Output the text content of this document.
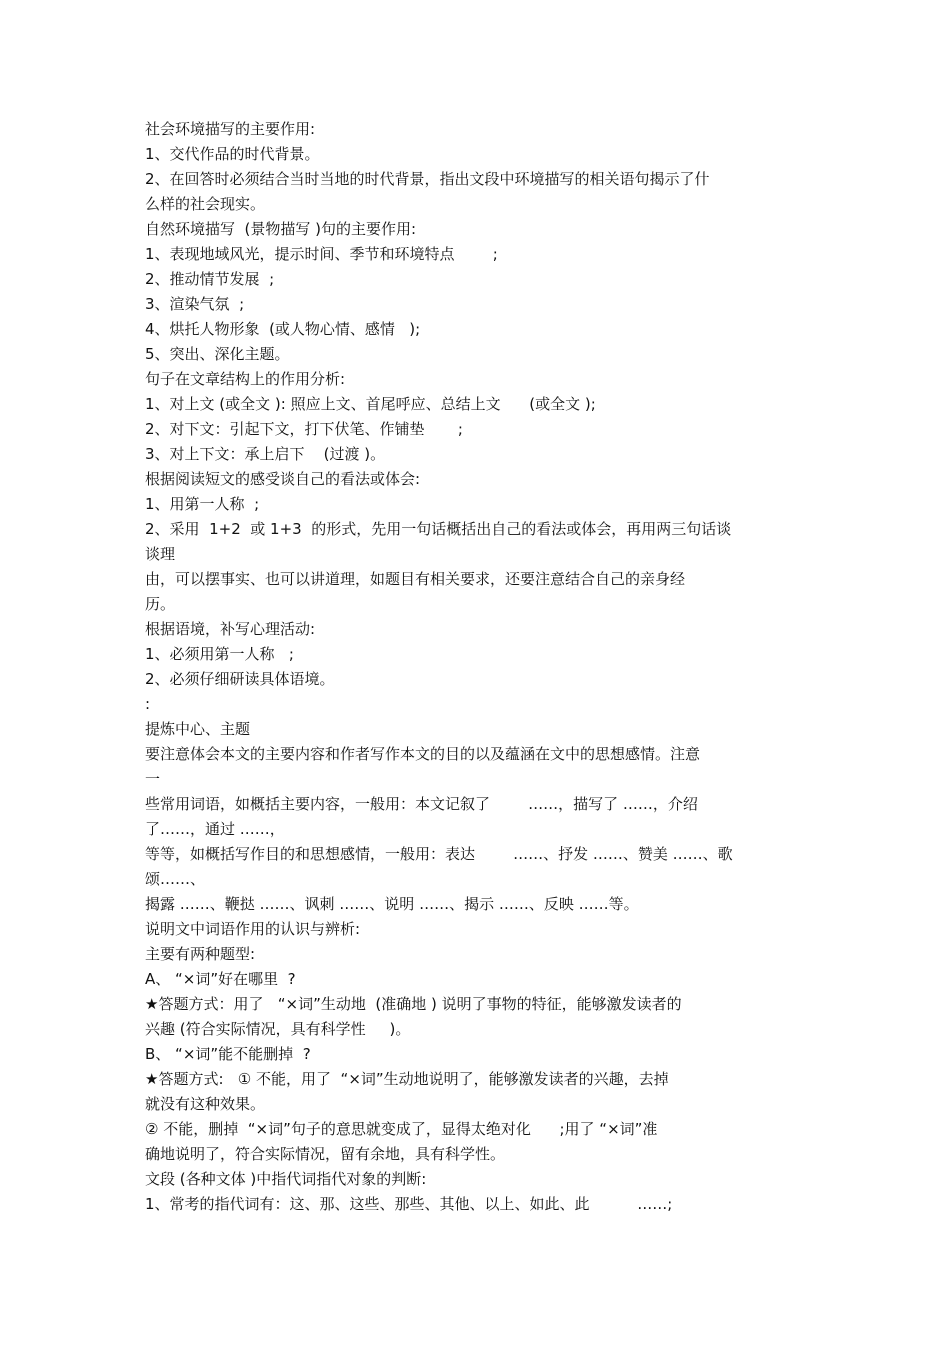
社会环境描写的主要作用:

1、交代作品的时代背景。

2、在回答时必须结合当时当地的时代背景，指出文段中环境描写的相关语句揭示了什

么样的社会现实。

自然环境描写  (景物描写 )句的主要作用:

1、表现地域风光，提示时间、季节和环境特点        ;

2、推动情节发展  ;

3、渲染气氛  ;

4、烘托人物形象  (或人物心情、感情   );

5、突出、深化主题。

句子在文章结构上的作用分析:

1、对上文 (或全文 ): 照应上文、首尾呼应、总结上文      (或全文 );

2、对下文：引起下文，打下伏笔、作铺垫       ;

3、对上下文：承上启下    (过渡 )。

根据阅读短文的感受谈自己的看法或体会:

1、用第一人称  ;

2、采用  1+2  或 1+3  的形式，先用一句话概括出自己的看法或体会，再用两三句话谈

谈理

由，可以摆事实、也可以讲道理，如题目有相关要求，还要注意结合自己的亲身经

历。

根据语境，补写心理活动:

1、必须用第一人称   ;

2、必须仔细研读具体语境。

:

提炼中心、主题

要注意体会本文的主要内容和作者写作本文的目的以及蕴涵在文中的思想感情。注意

一

些常用词语，如概括主要内容，一般用：本文记叙了        ……，描写了 ……，介绍

了……，通过 ……，

等等，如概括写作目的和思想感情，一般用：表达        ……、抒发 ……、赞美 ……、歌

颂……、

揭露 ……、鞭挞 ……、讽刺 ……、说明 ……、揭示 ……、反映 ……等。

说明文中词语作用的认识与辨析:

主要有两种题型:

A、 “×词”好在哪里  ?

★答题方式：用了   “×词”生动地  (准确地 ) 说明了事物的特征，能够激发读者的

兴趣 (符合实际情况，具有科学性     )。

B、 “×词”能不能删掉  ?

★答题方式:   ① 不能，用了  “×词”生动地说明了，能够激发读者的兴趣，去掉

就没有这种效果。

② 不能，删掉  “×词”句子的意思就变成了，显得太绝对化      ;用了 “×词”准

确地说明了，符合实际情况，留有余地，具有科学性。

文段 (各种文体 )中指代词指代对象的判断:

1、常考的指代词有：这、那、这些、那些、其他、以上、如此、此          ……;
